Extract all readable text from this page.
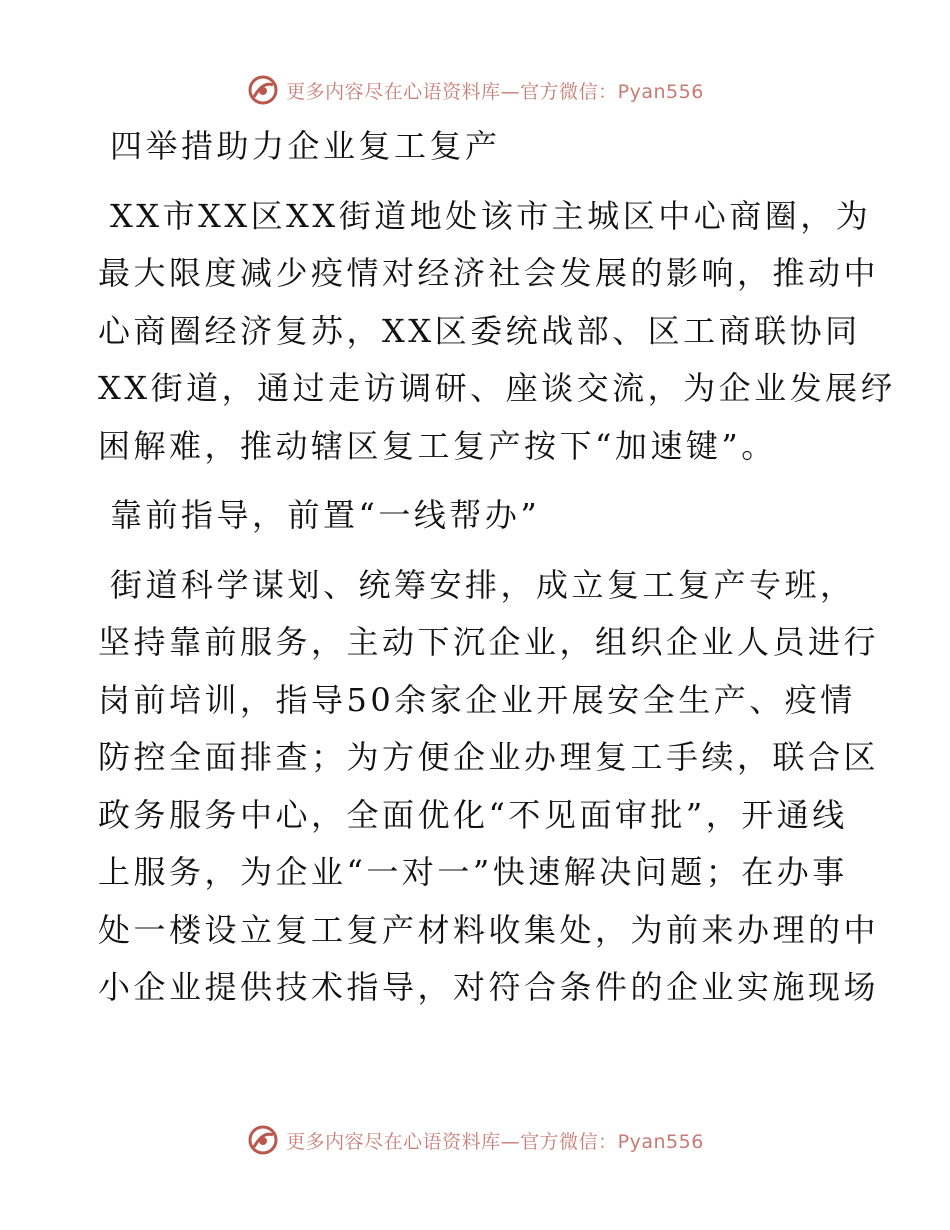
更多内容尽在心语资料库—官方微信：Pyan556
四举措助力企业复工复产
XX市XX区XX街道地处该市主城区中心商圈，为
最大限度减少疫情对经济社会发展的影响，推动中
心商圈经济复苏，XX区委统战部、区工商联协同
XX街道，通过走访调研、座谈交流，为企业发展纾
困解难，推动辖区复工复产按下“加速键”。
靠前指导，前置“一线帮办”
街道科学谋划、统筹安排，成立复工复产专班，
坚持靠前服务，主动下沉企业，组织企业人员进行
岗前培训，指导50余家企业开展安全生产、疫情
防控全面排查；为方便企业办理复工手续，联合区
政务服务中心，全面优化“不见面审批”，开通线
上服务，为企业“一对一”快速解决问题；在办事
处一楼设立复工复产材料收集处，为前来办理的中
小企业提供技术指导，对符合条件的企业实施现场
更多内容尽在心语资料库—官方微信：Pyan556
